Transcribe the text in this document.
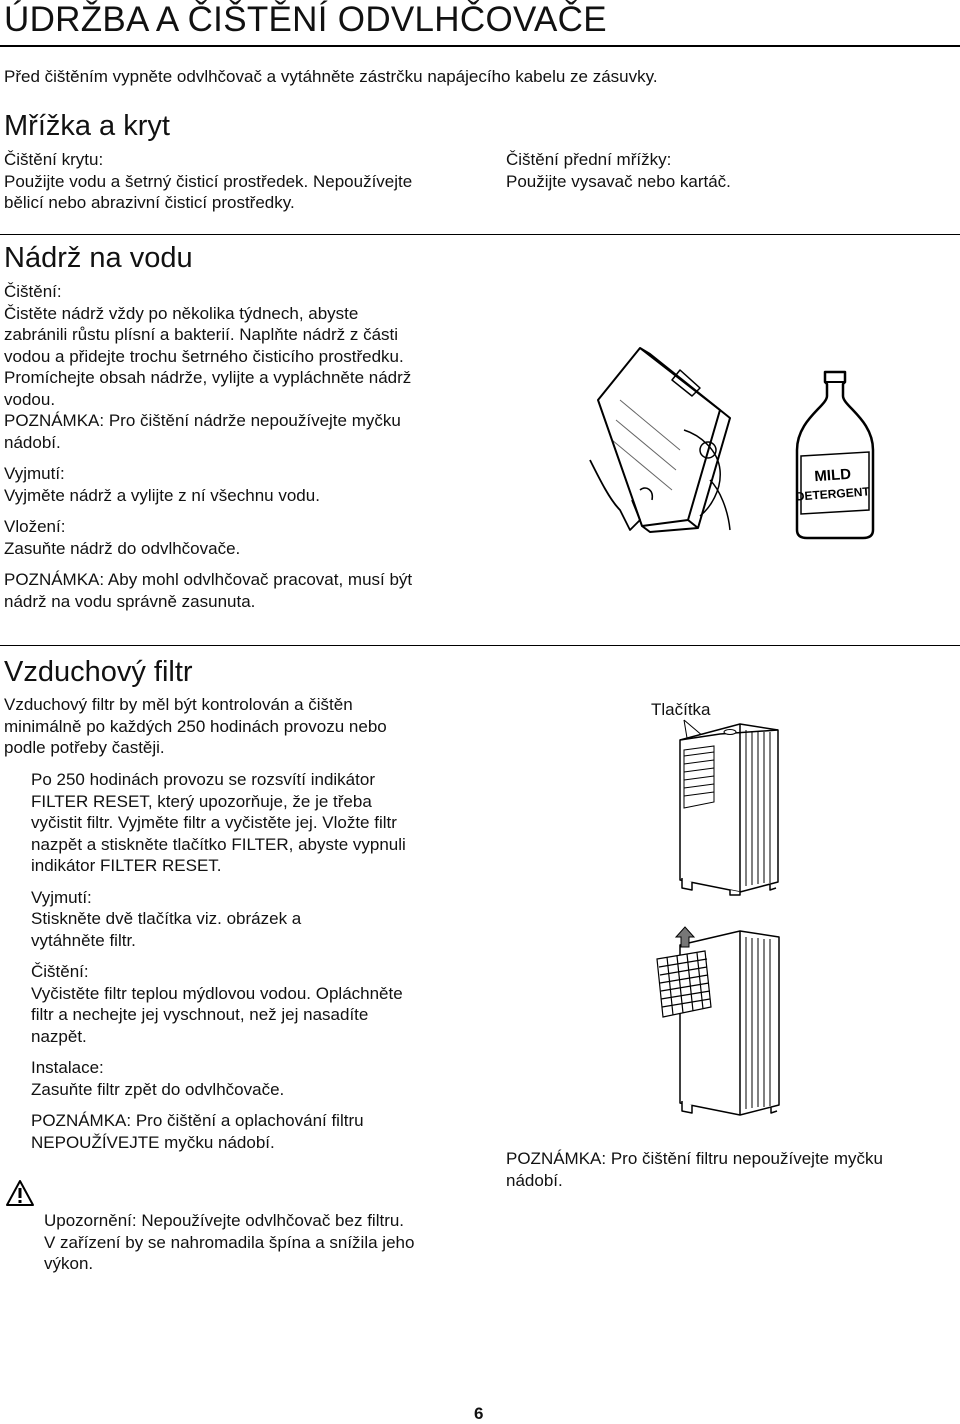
ÚDRŽBA A ČIŠTĚNÍ ODVLHČOVAČE
Před čištěním vypněte odvlhčovač a vytáhněte zástrčku napájecího kabelu ze zásuvky.
Mřížka a kryt

Čištění krytu:

Použijte vodu a šetrný čisticí prostředek. Nepoužívejte

bělicí nebo abrazivní čisticí prostředky.

Čištění přední mřížky:

Použijte vysavač nebo kartáč.

Nádrž na vodu

Čištění:

Čistěte nádrž vždy po několika týdnech, abyste

zabránili růstu plísní a bakterií. Naplňte nádrž z části

vodou a přidejte trochu šetrného čisticího prostředku.

Promíchejte obsah nádrže, vylijte a vypláchněte nádrž

vodou.

POZNÁMKA: Pro čištění nádrže nepoužívejte myčku

nádobí.

Vyjmutí:

Vyjměte nádrž a vylijte z ní všechnu vodu.

Vložení:

Zasuňte nádrž do odvlhčovače.

POZNÁMKA: Aby mohl odvlhčovač pracovat, musí být

nádrž na vodu správně zasunuta.

MILD
DETERGENT
Vzduchový filtr

Vzduchový filtr by měl být kontrolován a čištěn

minimálně po každých 250 hodinách provozu nebo

podle potřeby častěji.

Po 250 hodinách provozu se rozsvítí indikátor

FILTER RESET, který upozorňuje, že je třeba

vyčistit filtr. Vyjměte filtr a vyčistěte jej. Vložte filtr

nazpět a stiskněte tlačítko FILTER, abyste vypnuli

indikátor FILTER RESET.

Vyjmutí:

Stiskněte dvě tlačítka viz. obrázek a

vytáhněte filtr.

Čištění:

Vyčistěte filtr teplou mýdlovou vodou. Opláchněte

filtr a nechejte jej vyschnout, než jej nasadíte

nazpět.

Instalace:

Zasuňte filtr zpět do odvlhčovače.

POZNÁMKA: Pro čištění a oplachování filtru

NEPOUŽÍVEJTE myčku nádobí.

Tlačítka

POZNÁMKA: Pro čištění filtru nepoužívejte myčku

nádobí.

Upozornění: Nepoužívejte odvlhčovač bez filtru.

V zařízení by se nahromadila špína a snížila jeho

výkon.

6
